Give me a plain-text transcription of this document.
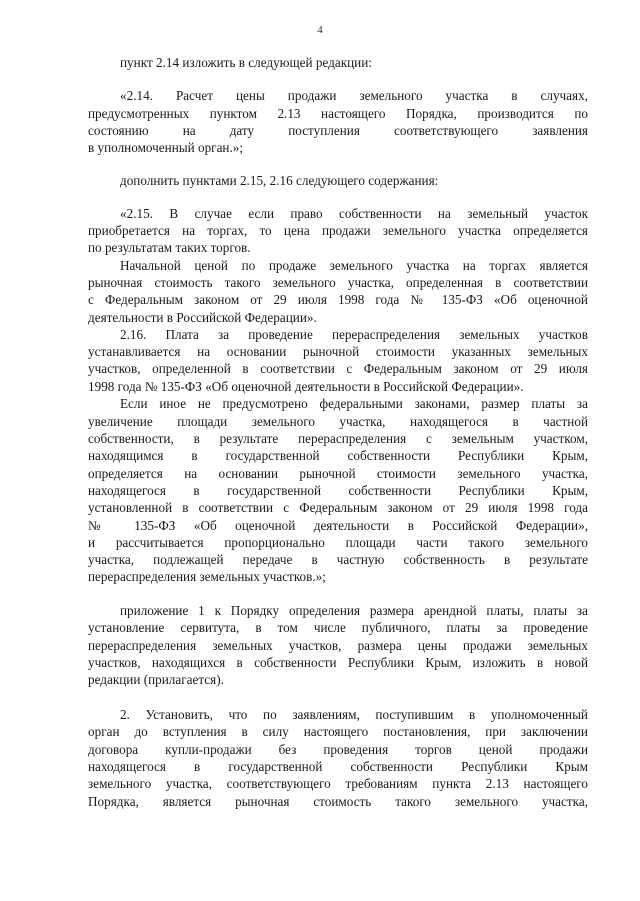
4
пункт 2.14 изложить в следующей редакции:
«2.14. Расчет цены продажи земельного участка в случаях,
предусмотренных пунктом 2.13 настоящего Порядка, производится по
состоянию на дату поступления соответствующего заявления
в уполномоченный орган.»;
дополнить пунктами 2.15, 2.16 следующего содержания:
«2.15. В случае если право собственности на земельный участок
приобретается на торгах, то цена продажи земельного участка определяется
по результатам таких торгов.
Начальной ценой по продаже земельного участка на торгах является
рыночная стоимость такого земельного участка, определенная в соответствии
с Федеральным законом от 29 июля 1998 года № 135-ФЗ «Об оценочной
деятельности в Российской Федерации».
2.16. Плата за проведение перераспределения земельных участков
устанавливается на основании рыночной стоимости указанных земельных
участков, определенной в соответствии с Федеральным законом от 29 июля
1998 года № 135-ФЗ «Об оценочной деятельности в Российской Федерации».
Если иное не предусмотрено федеральными законами, размер платы за
увеличение площади земельного участка, находящегося в частной
собственности, в результате перераспределения с земельным участком,
находящимся в государственной собственности Республики Крым,
определяется на основании рыночной стоимости земельного участка,
находящегося в государственной собственности Республики Крым,
установленной в соответствии с Федеральным законом от 29 июля 1998 года
№ 135-ФЗ «Об оценочной деятельности в Российской Федерации»,
и рассчитывается пропорционально площади части такого земельного
участка, подлежащей передаче в частную собственность в результате
перераспределения земельных участков.»;
приложение 1 к Порядку определения размера арендной платы, платы за
установление сервитута, в том числе публичного, платы за проведение
перераспределения земельных участков, размера цены продажи земельных
участков, находящихся в собственности Республики Крым, изложить в новой
редакции (прилагается).
2. Установить, что по заявлениям, поступившим в уполномоченный
орган до вступления в силу настоящего постановления, при заключении
договора купли-продажи без проведения торгов ценой продажи
находящегося в государственной собственности Республики Крым
земельного участка, соответствующего требованиям пункта 2.13 настоящего
Порядка, является рыночная стоимость такого земельного участка,
